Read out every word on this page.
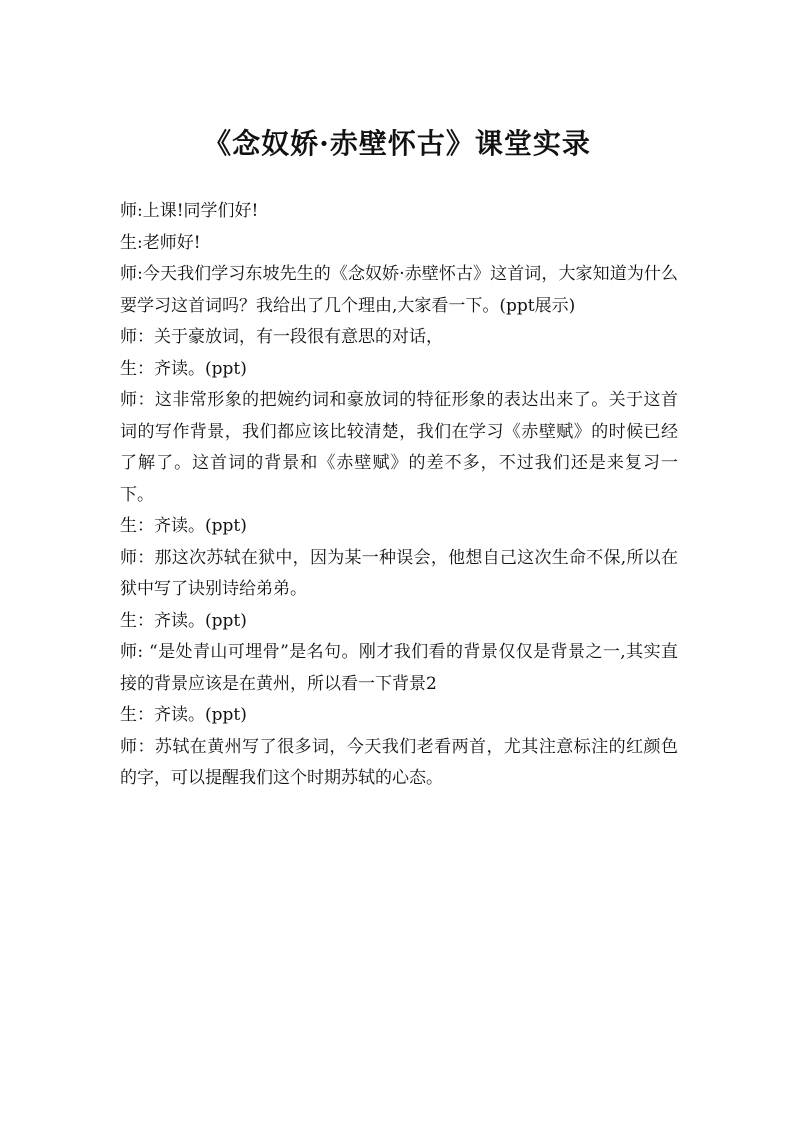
《念奴娇·赤壁怀古》课堂实录

师:上课!同学们好!

生:老师好!

师:今天我们学习东坡先生的《念奴娇·赤壁怀古》这首词，大家知道为什么要学习这首词吗？我给出了几个理由,大家看一下。(ppt展示)

师：关于豪放词，有一段很有意思的对话，

生：齐读。(ppt)

师：这非常形象的把婉约词和豪放词的特征形象的表达出来了。关于这首词的写作背景，我们都应该比较清楚，我们在学习《赤壁赋》的时候已经了解了。这首词的背景和《赤壁赋》的差不多，不过我们还是来复习一下。

生：齐读。(ppt)

师：那这次苏轼在狱中，因为某一种误会，他想自己这次生命不保,所以在狱中写了诀别诗给弟弟。

生：齐读。(ppt)

师: “是处青山可埋骨”是名句。刚才我们看的背景仅仅是背景之一,其实直接的背景应该是在黄州，所以看一下背景2

生：齐读。(ppt)

师：苏轼在黄州写了很多词，今天我们老看两首，尤其注意标注的红颜色的字，可以提醒我们这个时期苏轼的心态。
